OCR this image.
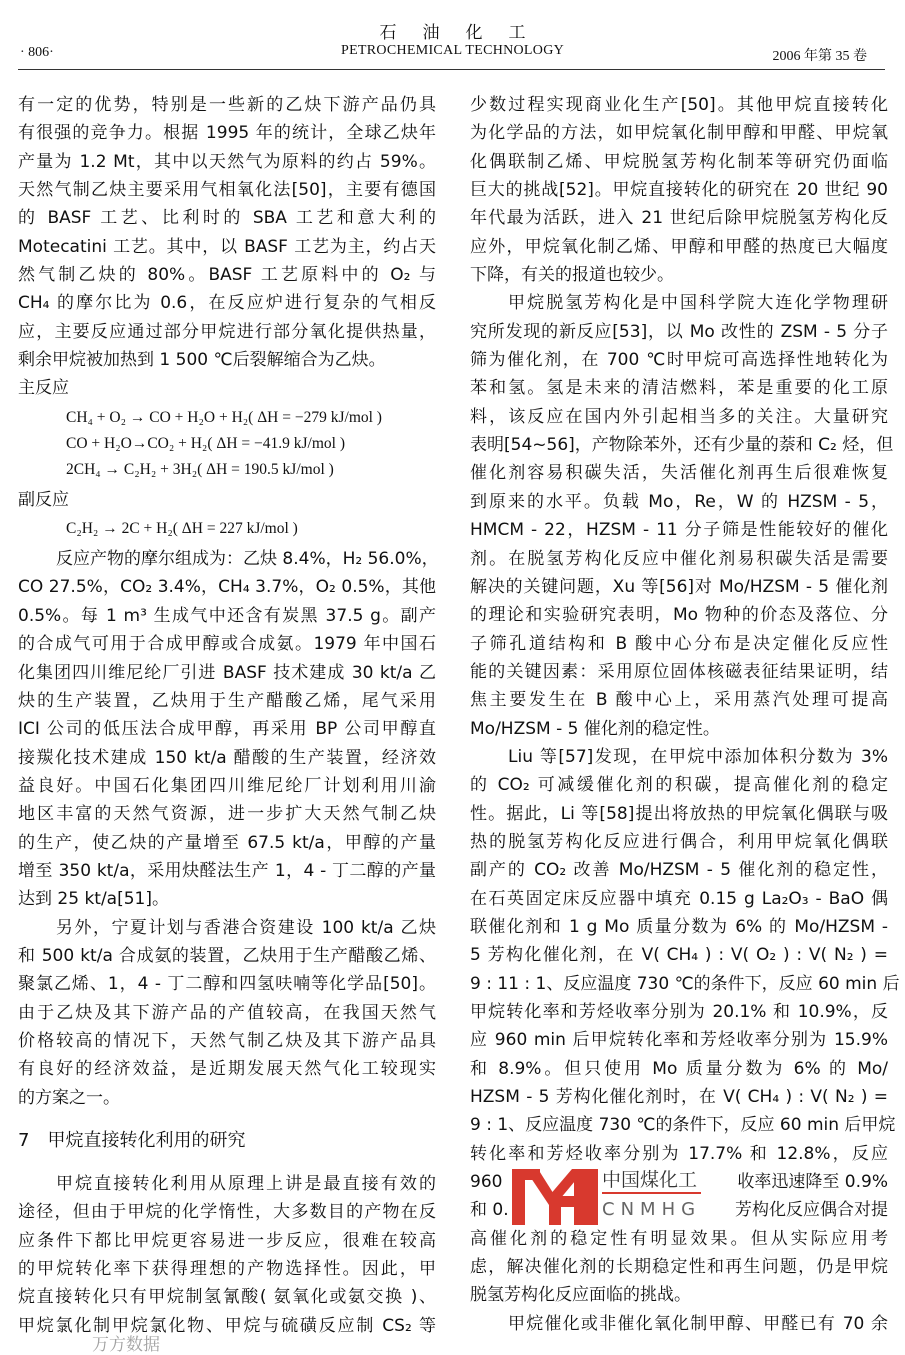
石油化工
PETROCHEMICAL TECHNOLOGY
· 806·	2006 年第 35 卷
有一定的优势，特别是一些新的乙炔下游产品仍具
有很强的竞争力。根据 1995 年的统计，全球乙炔年
产量为 1.2 Mt，其中以天然气为原料的约占 59%。
天然气制乙炔主要采用气相氧化法[50]，主要有德国
的 BASF 工艺、比利时的 SBA 工艺和意大利的
Motecatini 工艺。其中，以 BASF 工艺为主，约占天
然气制乙炔的 80%。BASF 工艺原料中的 O₂ 与
CH₄ 的摩尔比为 0.6，在反应炉进行复杂的气相反
应，主要反应通过部分甲烷进行部分氧化提供热量，
剩余甲烷被加热到 1 500 ℃后裂解缩合为乙炔。
主反应
CH₄ + O₂ → CO + H₂O + H₂( ΔH = −279 kJ/mol )
CO + H₂O→CO₂ + H₂( ΔH = −41.9 kJ/mol )
2CH₄ → C₂H₂ + 3H₂( ΔH = 190.5 kJ/mol )
副反应
C₂H₂ → 2C + H₂( ΔH = 227 kJ/mol )
反应产物的摩尔组成为：乙炔 8.4%，H₂ 56.0%，
CO 27.5%，CO₂ 3.4%，CH₄ 3.7%，O₂ 0.5%，其他
0.5%。每 1 m³ 生成气中还含有炭黑 37.5 g。副产
的合成气可用于合成甲醇或合成氨。1979 年中国石
化集团四川维尼纶厂引进 BASF 技术建成 30 kt/a 乙
炔的生产装置，乙炔用于生产醋酸乙烯，尾气采用
ICI 公司的低压法合成甲醇，再采用 BP 公司甲醇直
接羰化技术建成 150 kt/a 醋酸的生产装置，经济效
益良好。中国石化集团四川维尼纶厂计划利用川渝
地区丰富的天然气资源，进一步扩大天然气制乙炔
的生产，使乙炔的产量增至 67.5 kt/a，甲醇的产量
增至 350 kt/a，采用炔醛法生产 1，4 - 丁二醇的产量
达到 25 kt/a[51]。
另外，宁夏计划与香港合资建设 100 kt/a 乙炔
和 500 kt/a 合成氨的装置，乙炔用于生产醋酸乙烯、
聚氯乙烯、1，4 - 丁二醇和四氢呋喃等化学品[50]。
由于乙炔及其下游产品的产值较高，在我国天然气
价格较高的情况下，天然气制乙炔及其下游产品具
有良好的经济效益，是近期发展天然气化工较现实
的方案之一。
7　甲烷直接转化利用的研究
甲烷直接转化利用从原理上讲是最直接有效的
途径，但由于甲烷的化学惰性，大多数目的产物在反
应条件下都比甲烷更容易进一步反应，很难在较高
的甲烷转化率下获得理想的产物选择性。因此，甲
烷直接转化只有甲烷制氢氰酸( 氨氧化或氨交换 )、
甲烷氯化制甲烷氯化物、甲烷与硫磺反应制 CS₂ 等
少数过程实现商业化生产[50]。其他甲烷直接转化
为化学品的方法，如甲烷氧化制甲醇和甲醛、甲烷氧
化偶联制乙烯、甲烷脱氢芳构化制苯等研究仍面临
巨大的挑战[52]。甲烷直接转化的研究在 20 世纪 90
年代最为活跃，进入 21 世纪后除甲烷脱氢芳构化反
应外，甲烷氧化制乙烯、甲醇和甲醛的热度已大幅度
下降，有关的报道也较少。
甲烷脱氢芳构化是中国科学院大连化学物理研
究所发现的新反应[53]，以 Mo 改性的 ZSM - 5 分子
筛为催化剂，在 700 ℃时甲烷可高选择性地转化为
苯和氢。氢是未来的清洁燃料，苯是重要的化工原
料，该反应在国内外引起相当多的关注。大量研究
表明[54~56]，产物除苯外，还有少量的萘和 C₂ 烃，但
催化剂容易积碳失活，失活催化剂再生后很难恢复
到原来的水平。负载 Mo，Re，W 的 HZSM - 5，
HMCM - 22，HZSM - 11 分子筛是性能较好的催化
剂。在脱氢芳构化反应中催化剂易积碳失活是需要
解决的关键问题，Xu 等[56]对 Mo/HZSM - 5 催化剂
的理论和实验研究表明，Mo 物种的价态及落位、分
子筛孔道结构和 B 酸中心分布是决定催化反应性
能的关键因素：采用原位固体核磁表征结果证明，结
焦主要发生在 B 酸中心上，采用蒸汽处理可提高
Mo/HZSM - 5 催化剂的稳定性。
Liu 等[57]发现，在甲烷中添加体积分数为 3%
的 CO₂ 可减缓催化剂的积碳，提高催化剂的稳定
性。据此，Li 等[58]提出将放热的甲烷氧化偶联与吸
热的脱氢芳构化反应进行偶合，利用甲烷氧化偶联
副产的 CO₂ 改善 Mo/HZSM - 5 催化剂的稳定性，
在石英固定床反应器中填充 0.15 g La₂O₃ - BaO 偶
联催化剂和 1 g Mo 质量分数为 6% 的 Mo/HZSM -
5 芳构化催化剂，在 V( CH₄ ) : V( O₂ ) : V( N₂ ) =
9 : 11 : 1、反应温度 730 ℃的条件下，反应 60 min 后
甲烷转化率和芳烃收率分别为 20.1% 和 10.9%，反
应 960 min 后甲烷转化率和芳烃收率分别为 15.9%
和 8.9%。但只使用 Mo 质量分数为 6% 的 Mo/
HZSM - 5 芳构化催化剂时，在 V( CH₄ ) : V( N₂ ) =
9 : 1、反应温度 730 ℃的条件下，反应 60 min 后甲烷
转化率和芳烃收率分别为 17.7% 和 12.8%，反应
960	收率迅速降至 0.9%
和 0.	芳构化反应偶合对提
高催化剂的稳定性有明显效果。但从实际应用考
虑，解决催化剂的长期稳定性和再生问题，仍是甲烷
脱氢芳构化反应面临的挑战。
甲烷催化或非催化氧化制甲醇、甲醛已有 70 余
中国煤化工
CNMHG
万方数据
